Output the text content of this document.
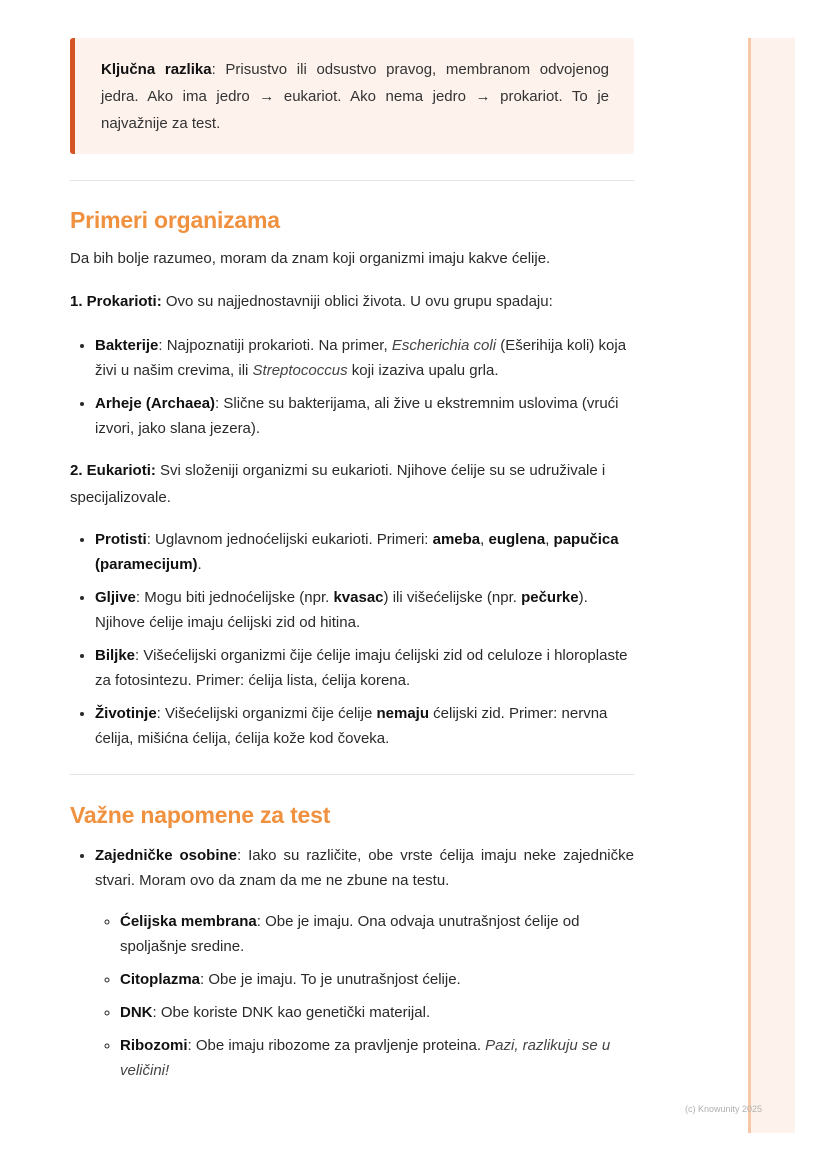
Ključna razlika: Prisustvo ili odsustvo pravog, membranom odvojenog jedra. Ako ima jedro → eukariot. Ako nema jedro → prokariot. To je najvažnije za test.
Primeri organizama

Da bih bolje razumeo, moram da znam koji organizmi imaju kakve ćelije.

1. Prokarioti: Ovo su najjednostavniji oblici života. U ovu grupu spadaju:

• Bakterije: Najpoznatiji prokarioti. Na primer, Escherichia coli (Ešerihija koli) koja živi u našim crevima, ili Streptococcus koji izaziva upalu grla.
• Arheje (Archaea): Slične su bakterijama, ali žive u ekstremnim uslovima (vrući izvori, jako slana jezera).

2. Eukarioti: Svi složeniji organizmi su eukarioti. Njihove ćelije su se udruživale i specijalizovale.

• Protisti: Uglavnom jednoćelijski eukarioti. Primeri: ameba, euglena, papučica (paramecijum).
• Gljive: Mogu biti jednoćelijske (npr. kvasac) ili višećelijske (npr. pečurke). Njihove ćelije imaju ćelijski zid od hitina.
• Biljke: Višećelijski organizmi čije ćelije imaju ćelijski zid od celuloze i hloroplaste za fotosintezu. Primer: ćelija lista, ćelija korena.
• Životinje: Višećelijski organizmi čije ćelije nemaju ćelijski zid. Primer: nervna ćelija, mišićna ćelija, ćelija kože kod čoveka.
Važne napomene za test
• Zajedničke osobine: Iako su različite, obe vrste ćelija imaju neke zajedničke stvari. Moram ovo da znam da me ne zbune na testu.
◦ Ćelijska membrana: Obe je imaju. Ona odvaja unutrašnjost ćelije od spoljašnje sredine.
◦ Citoplazma: Obe je imaju. To je unutrašnjost ćelije.
◦ DNK: Obe koriste DNK kao genetički materijal.
◦ Ribozomi: Obe imaju ribozome za pravljenje proteina. Pazi, razlikuju se u veličini!
(c) Knowunity 2025
